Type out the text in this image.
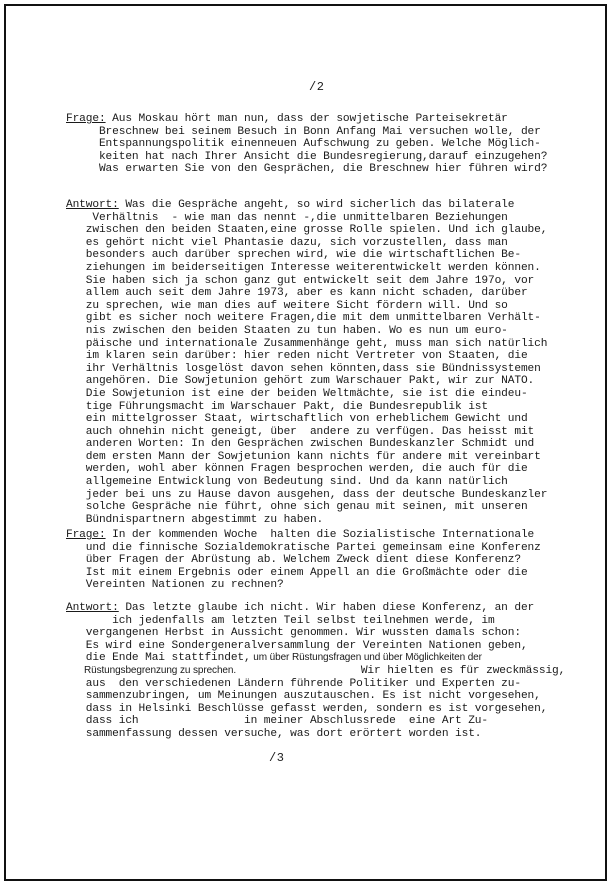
/2
Frage: Aus Moskau hört man nun, dass der sowjetische Parteisekretär
Breschnew bei seinem Besuch in Bonn Anfang Mai versuchen wolle, der
Entspannungspolitik einenneuen Aufschwung zu geben. Welche Möglich-
keiten hat nach Ihrer Ansicht die Bundesregierung,darauf einzugehen?
Was erwarten Sie von den Gesprächen, die Breschnew hier führen wird?
Antwort: Was die Gespräche angeht, so wird sicherlich das bilaterale
Verhältnis  - wie man das nennt -,die unmittelbaren Beziehungen
zwischen den beiden Staaten,eine grosse Rolle spielen. Und ich glaube,
es gehört nicht viel Phantasie dazu, sich vorzustellen, dass man
besonders auch darüber sprechen wird, wie die wirtschaftlichen Be-
ziehungen im beiderseitigen Interesse weiterentwickelt werden können.
Sie haben sich ja schon ganz gut entwickelt seit dem Jahre 197o, vor
allem auch seit dem Jahre 1973, aber es kann nicht schaden, darüber
zu sprechen, wie man dies auf weitere Sicht fördern will. Und so
gibt es sicher noch weitere Fragen,die mit dem unmittelbaren Verhält-
nis zwischen den beiden Staaten zu tun haben. Wo es nun um euro-
päische und internationale Zusammenhänge geht, muss man sich natürlich
im klaren sein darüber: hier reden nicht Vertreter von Staaten, die
ihr Verhältnis losgelöst davon sehen könnten,dass sie Bündnissystemen
angehören. Die Sowjetunion gehört zum Warschauer Pakt, wir zur NATO.
Die Sowjetunion ist eine der beiden Weltmächte, sie ist die eindeu-
tige Führungsmacht im Warschauer Pakt, die Bundesrepublik ist
ein mittelgrosser Staat, wirtschaftlich von erheblichem Gewicht und
auch ohnehin nicht geneigt, über  andere zu verfügen. Das heisst mit
anderen Worten: In den Gesprächen zwischen Bundeskanzler Schmidt und
dem ersten Mann der Sowjetunion kann nichts für andere mit vereinbart
werden, wohl aber können Fragen besprochen werden, die auch für die
allgemeine Entwicklung von Bedeutung sind. Und da kann natürlich
jeder bei uns zu Hause davon ausgehen, dass der deutsche Bundeskanzler
solche Gespräche nie führt, ohne sich genau mit seinen, mit unseren
Bündnispartnern abgestimmt zu haben.
Frage: In der kommenden Woche  halten die Sozialistische Internationale
und die finnische Sozialdemokratische Partei gemeinsam eine Konferenz
über Fragen der Abrüstung ab. Welchem Zweck dient diese Konferenz?
Ist mit einem Ergebnis oder einem Appell an die Großmächte oder die
Vereinten Nationen zu rechnen?
Antwort: Das letzte glaube ich nicht. Wir haben diese Konferenz, an der
ich jedenfalls am letzten Teil selbst teilnehmen werde, im
vergangenen Herbst in Aussicht genommen. Wir wussten damals schon:
Es wird eine Sondergeneralversammlung der Vereinten Nationen geben,
die Ende Mai stattfindet, um über Rüstungsfragen und über Möglichkeiten der
Rüstungsbegrenzung zu sprechen.
Wir hielten es für zweckmässig,
aus  den verschiedenen Ländern führende Politiker und Experten zu-
sammenzubringen, um Meinungen auszutauschen. Es ist nicht vorgesehen,
dass in Helsinki Beschlüsse gefasst werden, sondern es ist vorgesehen,
dass ich                in meiner Abschlussrede  eine Art Zu-
sammenfassung dessen versuche, was dort erörtert worden ist.
/3
